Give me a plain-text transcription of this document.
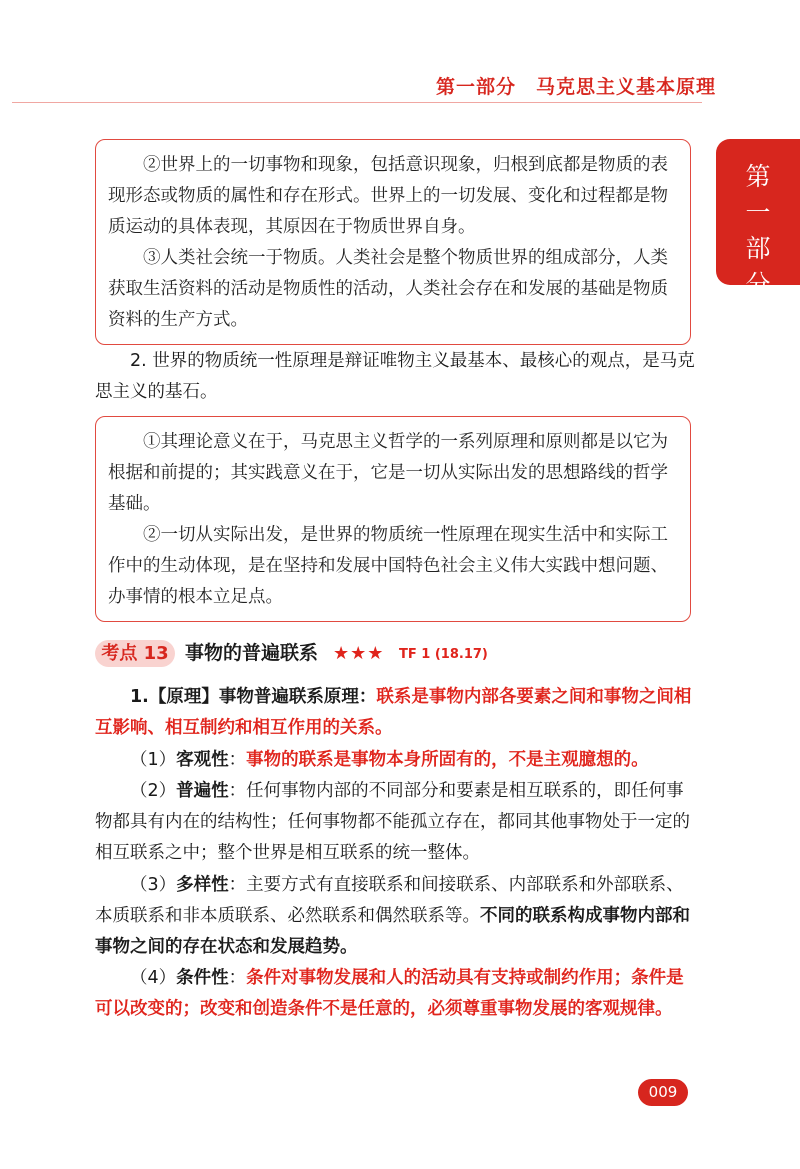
第一部分　马克思主义基本原理
第
一
部
分

②世界上的一切事物和现象，包括意识现象，归根到底都是物质的表现形态或物质的属性和存在形式。世界上的一切发展、变化和过程都是物质运动的具体表现，其原因在于物质世界自身。

③人类社会统一于物质。人类社会是整个物质世界的组成部分，人类获取生活资料的活动是物质性的活动，人类社会存在和发展的基础是物质资料的生产方式。

2. 世界的物质统一性原理是辩证唯物主义最基本、最核心的观点，是马克思主义的基石。

①其理论意义在于，马克思主义哲学的一系列原理和原则都是以它为根据和前提的；其实践意义在于，它是一切从实际出发的思想路线的哲学基础。

②一切从实际出发，是世界的物质统一性原理在现实生活中和实际工作中的生动体现，是在坚持和发展中国特色社会主义伟大实践中想问题、办事情的根本立足点。

考点 13 事物的普遍联系 ★★★ TF 1 (18.17)

1.【原理】事物普遍联系原理：联系是事物内部各要素之间和事物之间相互影响、相互制约和相互作用的关系。

（1）客观性：事物的联系是事物本身所固有的，不是主观臆想的。

（2）普遍性：任何事物内部的不同部分和要素是相互联系的，即任何事物都具有内在的结构性；任何事物都不能孤立存在，都同其他事物处于一定的相互联系之中；整个世界是相互联系的统一整体。

（3）多样性：主要方式有直接联系和间接联系、内部联系和外部联系、本质联系和非本质联系、必然联系和偶然联系等。不同的联系构成事物内部和事物之间的存在状态和发展趋势。

（4）条件性：条件对事物发展和人的活动具有支持或制约作用；条件是可以改变的；改变和创造条件不是任意的，必须尊重事物发展的客观规律。

009
